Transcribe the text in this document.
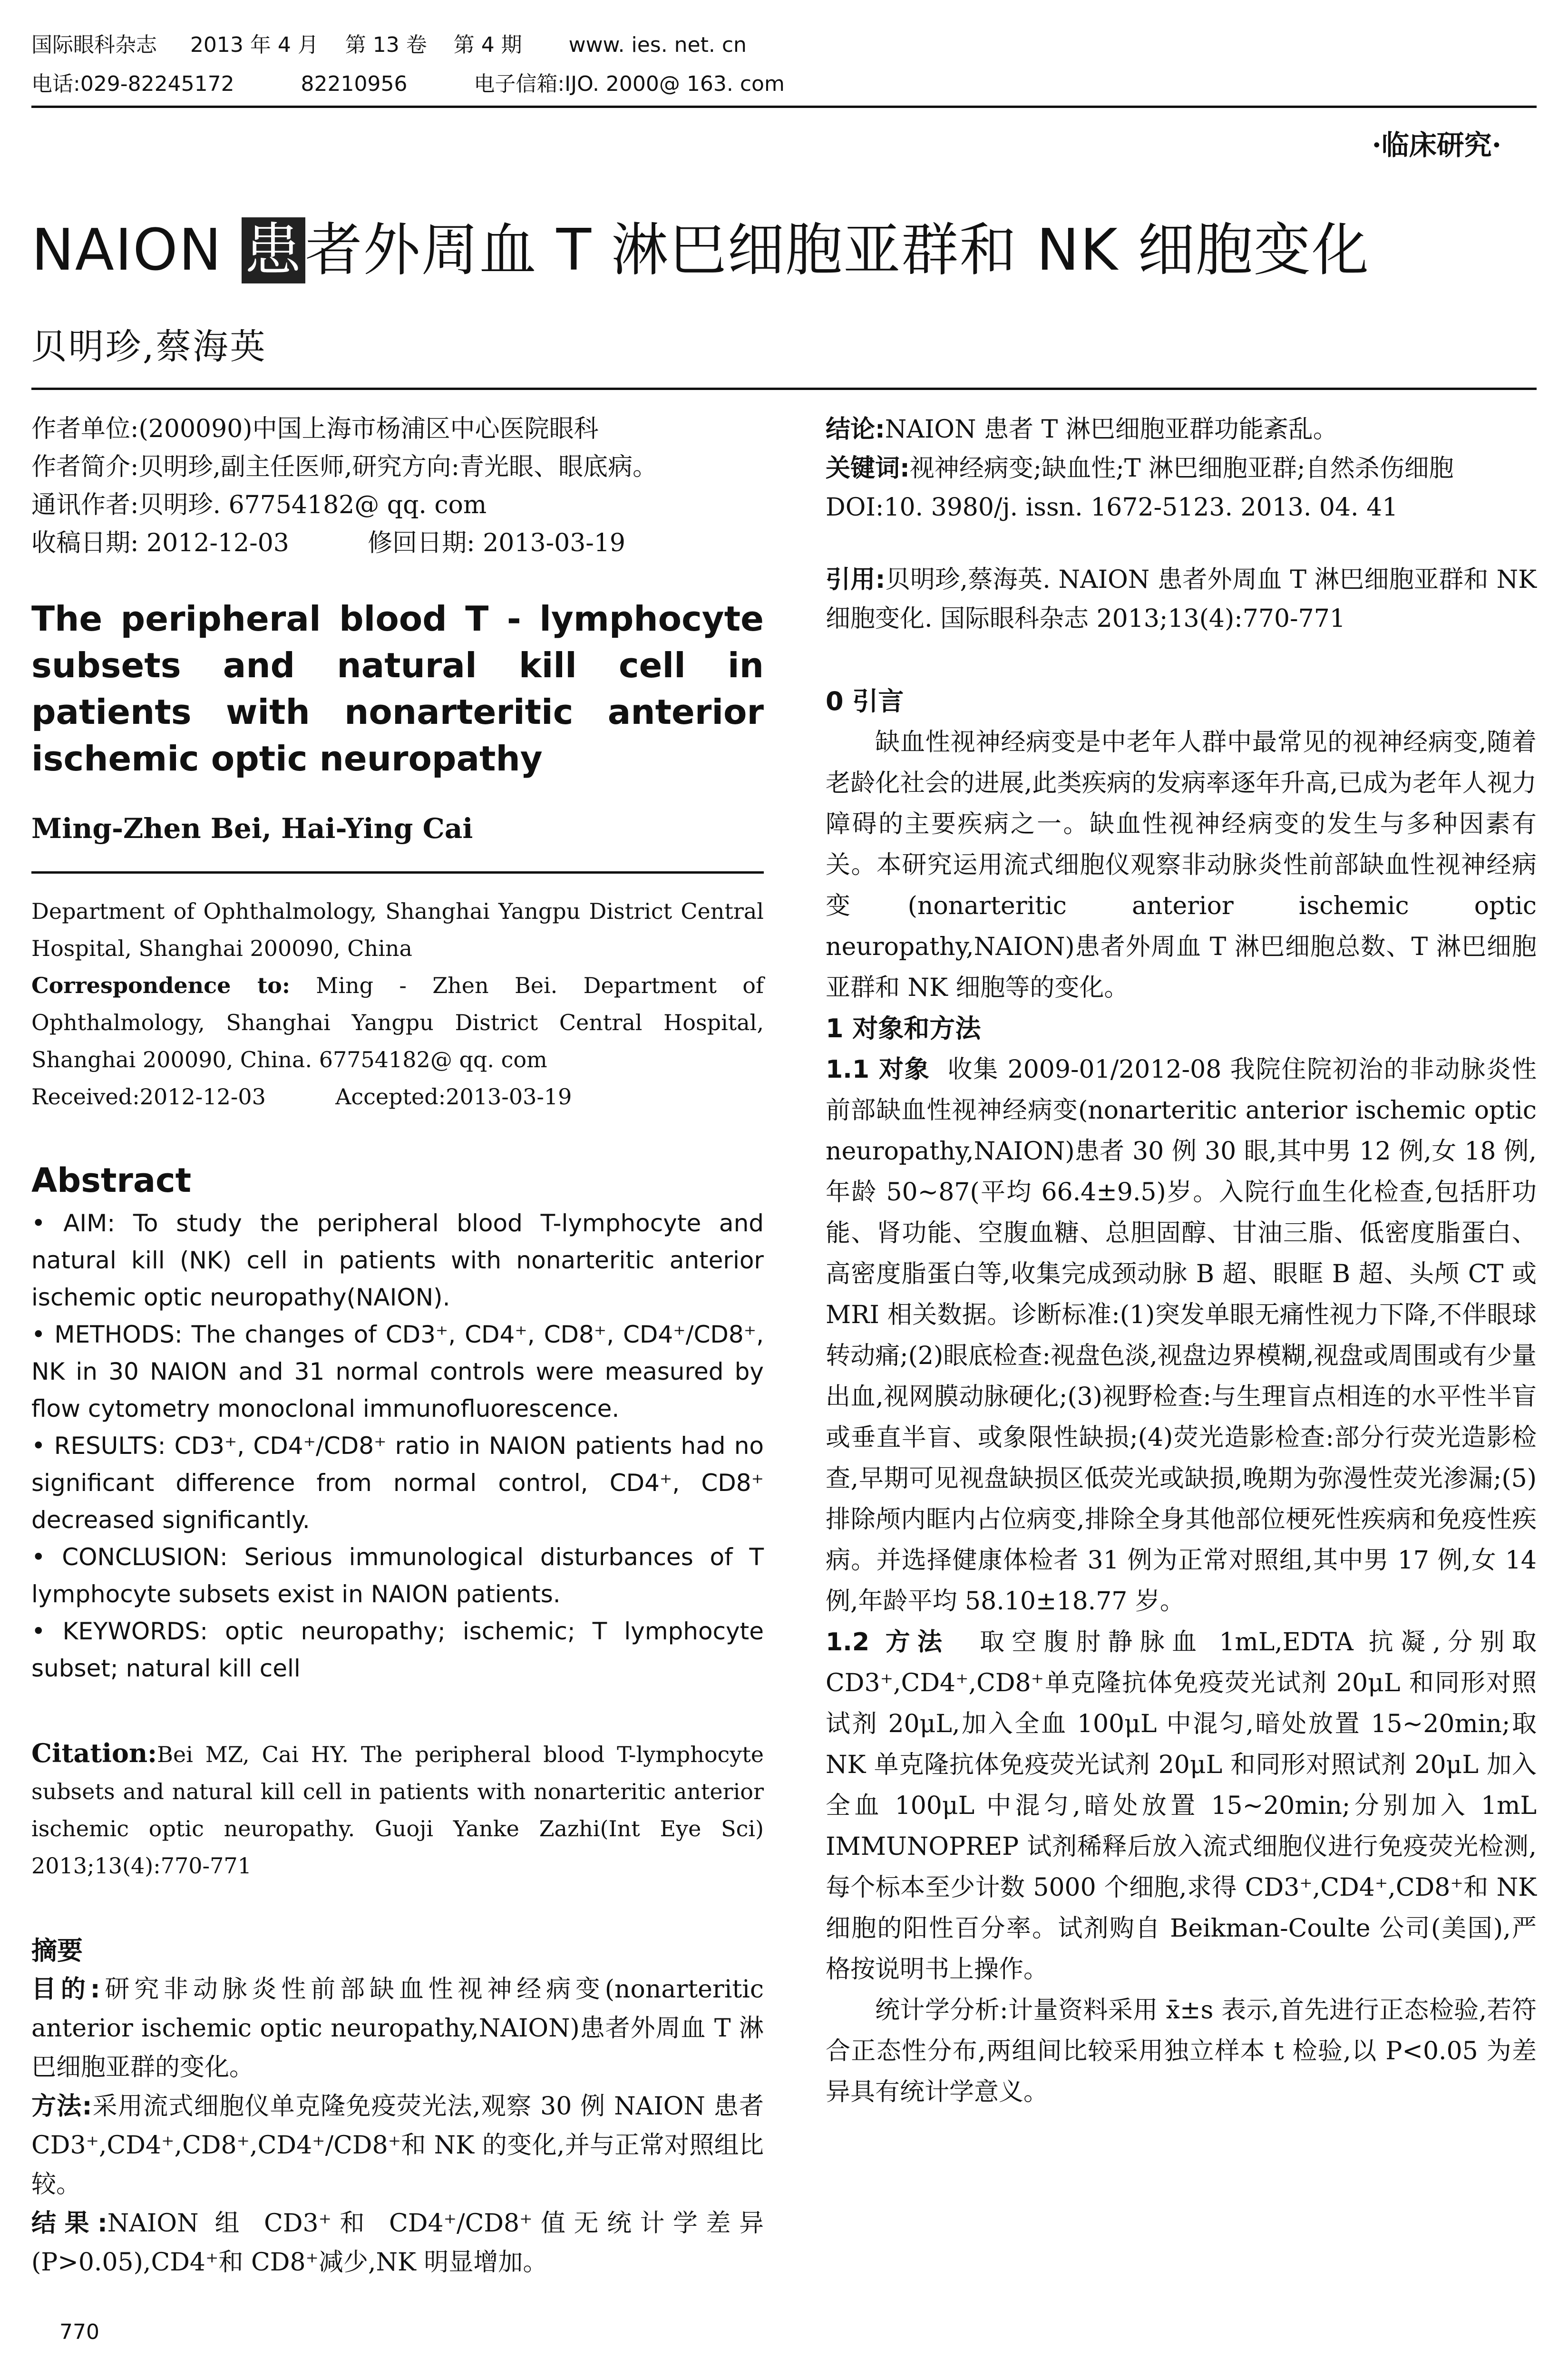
国际眼科杂志     2013 年 4 月    第 13 卷    第 4 期       www. ies. net. cn
电话:029-82245172          82210956          电子信箱:IJO. 2000@ 163. com
·临床研究·
NAION 患者外周血 T 淋巴细胞亚群和 NK 细胞变化
贝明珍,蔡海英

作者单位:(200090)中国上海市杨浦区中心医院眼科

作者简介:贝明珍,副主任医师,研究方向:青光眼、眼底病。

通讯作者:贝明珍. 67754182@ qq. com

收稿日期: 2012-12-03          修回日期: 2013-03-19

The peripheral blood T - lymphocyte subsets and natural kill cell in patients with nonarteritic anterior ischemic optic neuropathy

Ming-Zhen Bei, Hai-Ying Cai
Department of Ophthalmology, Shanghai Yangpu District Central Hospital, Shanghai 200090, China
Correspondence to: Ming - Zhen Bei. Department of Ophthalmology, Shanghai Yangpu District Central Hospital, Shanghai 200090, China. 67754182@ qq. com
Received:2012-12-03          Accepted:2013-03-19
Abstract

• AIM: To study the peripheral blood T-lymphocyte and natural kill (NK) cell in patients with nonarteritic anterior ischemic optic neuropathy(NAION).

• METHODS: The changes of CD3⁺, CD4⁺, CD8⁺, CD4⁺/CD8⁺, NK in 30 NAION and 31 normal controls were measured by flow cytometry monoclonal immunofluorescence.

• RESULTS: CD3⁺, CD4⁺/CD8⁺ ratio in NAION patients had no significant difference from normal control, CD4⁺, CD8⁺ decreased significantly.

• CONCLUSION: Serious immunological disturbances of T lymphocyte subsets exist in NAION patients.

• KEYWORDS: optic neuropathy; ischemic; T lymphocyte subset; natural kill cell

Citation:Bei MZ, Cai HY. The peripheral blood T-lymphocyte subsets and natural kill cell in patients with nonarteritic anterior ischemic optic neuropathy. Guoji Yanke Zazhi(Int Eye Sci) 2013;13(4):770-771
摘要

目的:研究非动脉炎性前部缺血性视神经病变(nonarteritic anterior ischemic optic neuropathy,NAION)患者外周血 T 淋巴细胞亚群的变化。

方法:采用流式细胞仪单克隆免疫荧光法,观察 30 例 NAION 患者 CD3⁺,CD4⁺,CD8⁺,CD4⁺/CD8⁺和 NK 的变化,并与正常对照组比较。

结果:NAION 组 CD3⁺和 CD4⁺/CD8⁺值无统计学差异(P>0.05),CD4⁺和 CD8⁺减少,NK 明显增加。

结论:NAION 患者 T 淋巴细胞亚群功能紊乱。

关键词:视神经病变;缺血性;T 淋巴细胞亚群;自然杀伤细胞

DOI:10. 3980/j. issn. 1672-5123. 2013. 04. 41

引用:贝明珍,蔡海英. NAION 患者外周血 T 淋巴细胞亚群和 NK 细胞变化. 国际眼科杂志 2013;13(4):770-771

0 引言

缺血性视神经病变是中老年人群中最常见的视神经病变,随着老龄化社会的进展,此类疾病的发病率逐年升高,已成为老年人视力障碍的主要疾病之一。缺血性视神经病变的发生与多种因素有关。本研究运用流式细胞仪观察非动脉炎性前部缺血性视神经病变(nonarteritic anterior ischemic optic neuropathy,NAION)患者外周血 T 淋巴细胞总数、T 淋巴细胞亚群和 NK 细胞等的变化。

1 对象和方法

1.1 对象 收集 2009-01/2012-08 我院住院初治的非动脉炎性前部缺血性视神经病变(nonarteritic anterior ischemic optic neuropathy,NAION)患者 30 例 30 眼,其中男 12 例,女 18 例,年龄 50~87(平均 66.4±9.5)岁。入院行血生化检查,包括肝功能、肾功能、空腹血糖、总胆固醇、甘油三脂、低密度脂蛋白、高密度脂蛋白等,收集完成颈动脉 B 超、眼眶 B 超、头颅 CT 或 MRI 相关数据。诊断标准:(1)突发单眼无痛性视力下降,不伴眼球转动痛;(2)眼底检查:视盘色淡,视盘边界模糊,视盘或周围或有少量出血,视网膜动脉硬化;(3)视野检查:与生理盲点相连的水平性半盲或垂直半盲、或象限性缺损;(4)荧光造影检查:部分行荧光造影检查,早期可见视盘缺损区低荧光或缺损,晚期为弥漫性荧光渗漏;(5)排除颅内眶内占位病变,排除全身其他部位梗死性疾病和免疫性疾病。并选择健康体检者 31 例为正常对照组,其中男 17 例,女 14 例,年龄平均 58.10±18.77 岁。

1.2 方法 取空腹肘静脉血 1mL,EDTA 抗凝,分别取 CD3⁺,CD4⁺,CD8⁺单克隆抗体免疫荧光试剂 20μL 和同形对照试剂 20μL,加入全血 100μL 中混匀,暗处放置 15~20min;取 NK 单克隆抗体免疫荧光试剂 20μL 和同形对照试剂 20μL 加入全血 100μL 中混匀,暗处放置 15~20min;分别加入 1mL IMMUNOPREP 试剂稀释后放入流式细胞仪进行免疫荧光检测,每个标本至少计数 5000 个细胞,求得 CD3⁺,CD4⁺,CD8⁺和 NK 细胞的阳性百分率。试剂购自 Beikman-Coulte 公司(美国),严格按说明书上操作。

统计学分析:计量资料采用 x̄±s 表示,首先进行正态检验,若符合正态性分布,两组间比较采用独立样本 t 检验,以 P<0.05 为差异具有统计学意义。

770
